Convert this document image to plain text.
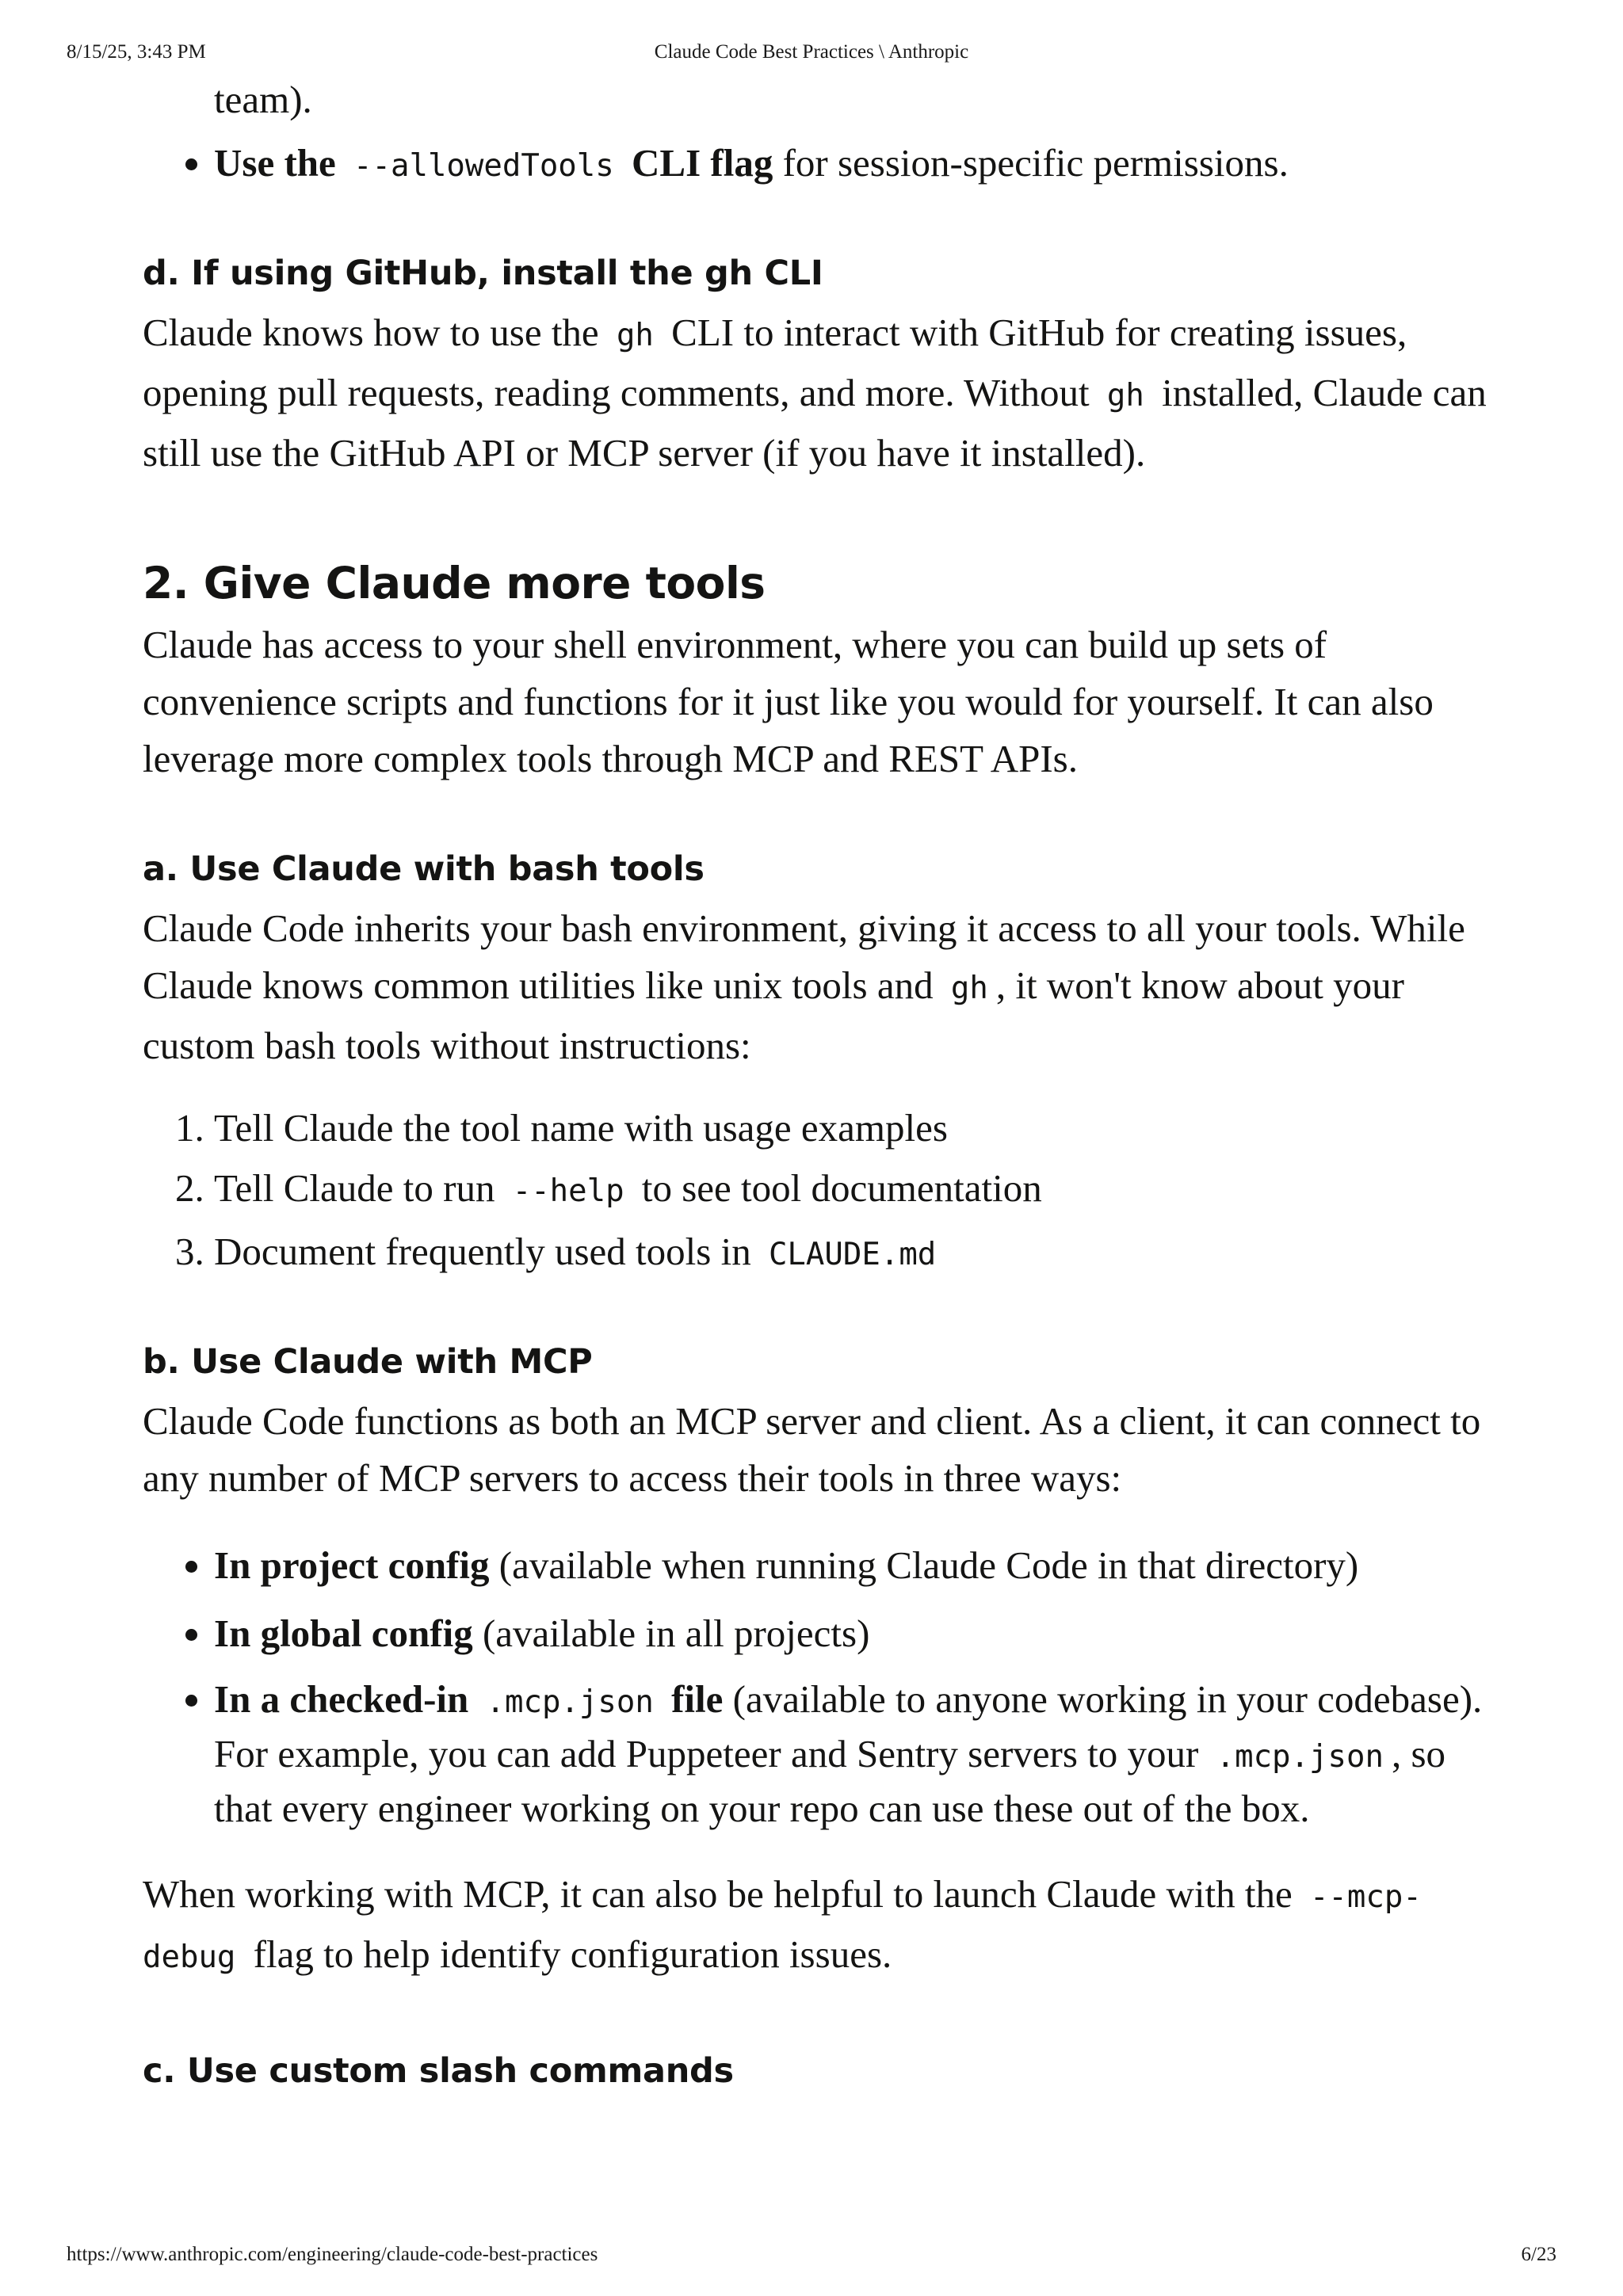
8/15/25, 3:43 PM	Claude Code Best Practices \ Anthropic
team).
• Use the --allowedTools CLI flag for session-specific permissions.
d. If using GitHub, install the gh CLI

Claude knows how to use the gh CLI to interact with GitHub for creating issues, opening pull requests, reading comments, and more. Without gh installed, Claude can still use the GitHub API or MCP server (if you have it installed).

2. Give Claude more tools

Claude has access to your shell environment, where you can build up sets of convenience scripts and functions for it just like you would for yourself. It can also leverage more complex tools through MCP and REST APIs.

a. Use Claude with bash tools

Claude Code inherits your bash environment, giving it access to all your tools. While Claude knows common utilities like unix tools and gh , it won't know about your custom bash tools without instructions:

1. Tell Claude the tool name with usage examples
2. Tell Claude to run --help to see tool documentation
3. Document frequently used tools in CLAUDE.md
b. Use Claude with MCP

Claude Code functions as both an MCP server and client. As a client, it can connect to any number of MCP servers to access their tools in three ways:

• In project config (available when running Claude Code in that directory)
• In global config (available in all projects)
• In a checked-in .mcp.json file (available to anyone working in your codebase). For example, you can add Puppeteer and Sentry servers to your .mcp.json , so that every engineer working on your repo can use these out of the box.

When working with MCP, it can also be helpful to launch Claude with the --mcp-debug flag to help identify configuration issues.

c. Use custom slash commands
https://www.anthropic.com/engineering/claude-code-best-practices	6/23
